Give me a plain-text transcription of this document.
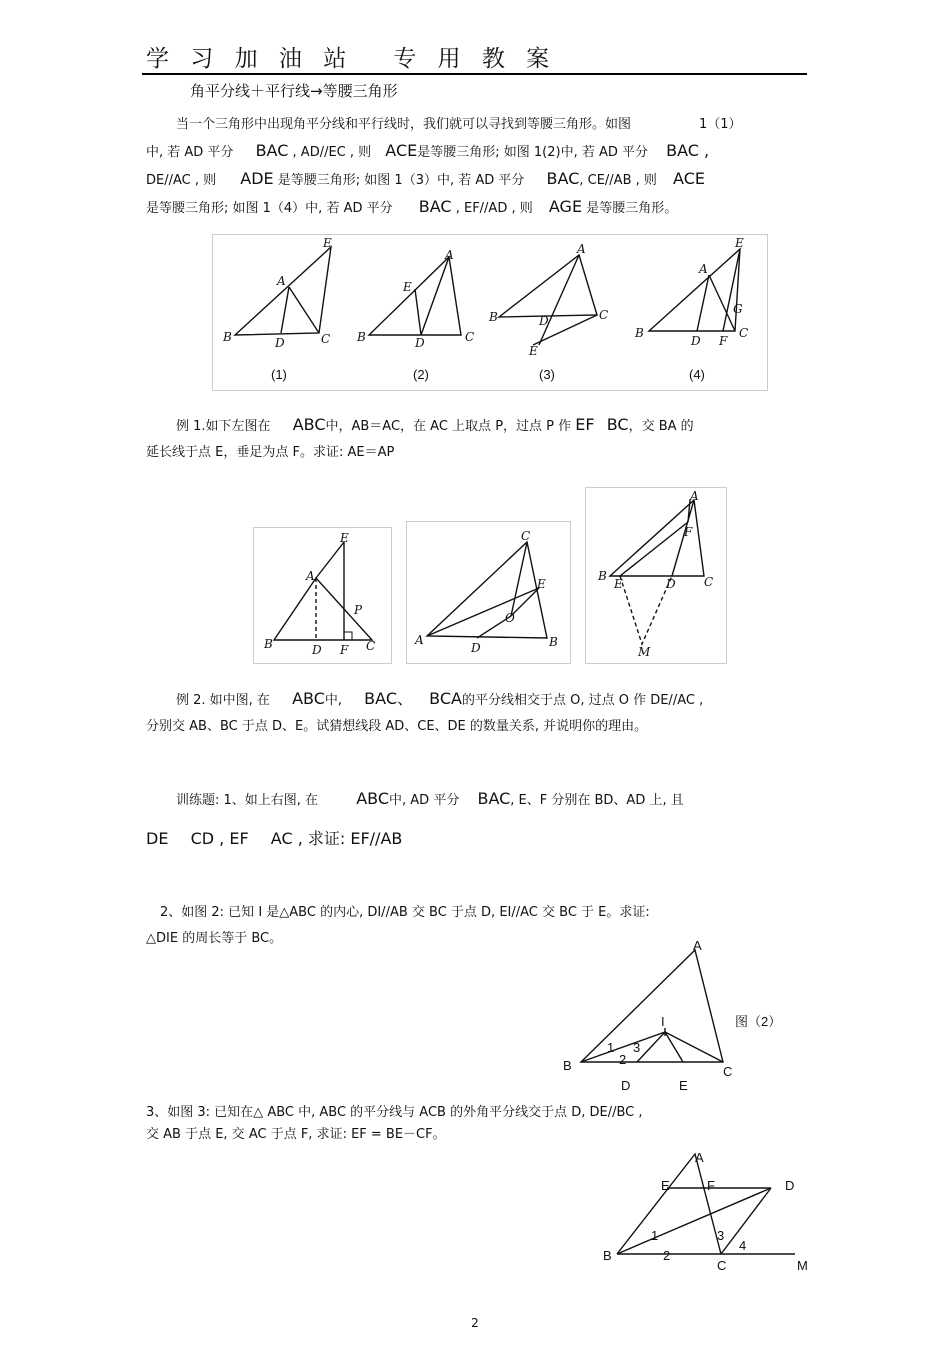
学 习 加 油 站 专 用 教 案
角平分线＋平行线→等腰三角形
当一个三角形中出现角平分线和平行线时，我们就可以寻找到等腰三角形。如图	1（1）
中, 若 AD 平分 BAC , AD//EC , 则 ACE是等腰三角形; 如图 1(2)中, 若 AD 平分 BAC ,
DE//AC , 则 ADE 是等腰三角形; 如图 1（3）中, 若 AD 平分 BAC, CE//AB , 则 ACE
是等腰三角形; 如图 1（4）中, 若 AD 平分 BAC , EF//AD , 则 AGE 是等腰三角形。
E
A
B	D	C
A
E
B	D	C
A
B	D	C
E
E
A
G
B
D F
C
(1)	(2)	(3)	(4)
例 1.如下左图在 ABC中，AB＝AC，在 AC 上取点 P，过点 P 作 EF BC，交 BA 的
延长线于点 E，垂足为点 F。求证: AE＝AP
E
A
P
B	D F C
C
E
O
A
D	B
A
F
B
E	D C
M
例 2. 如中图, 在 ABC中, BAC、 BCA的平分线相交于点 O, 过点 O 作 DE//AC ,
分别交 AB、BC 于点 D、E。试猜想线段 AD、CE、DE 的数量关系, 并说明你的理由。
训练题: 1、如上右图, 在 ABC中, AD 平分 BAC, E、F 分别在 BD、AD 上, 且
DE CD , EF AC , 求证: EF//AB
2、如图 2: 已知 I 是△ABC 的内心, DI//AB 交 BC 于点 D, EI//AC 交 BC 于 E。求证:
△DIE 的周长等于 BC。	A
I
1 3
2
B	C
D	E
图（2）
3、如图 3: 已知在△ ABC 中, ABC 的平分线与 ACB 的外角平分线交于点 D, DE//BC ,
交 AB 于点 E, 交 AC 于点 F, 求证: EF = BE－CF。
A
E	F	D
1
2
3
4
B
C	M
2
